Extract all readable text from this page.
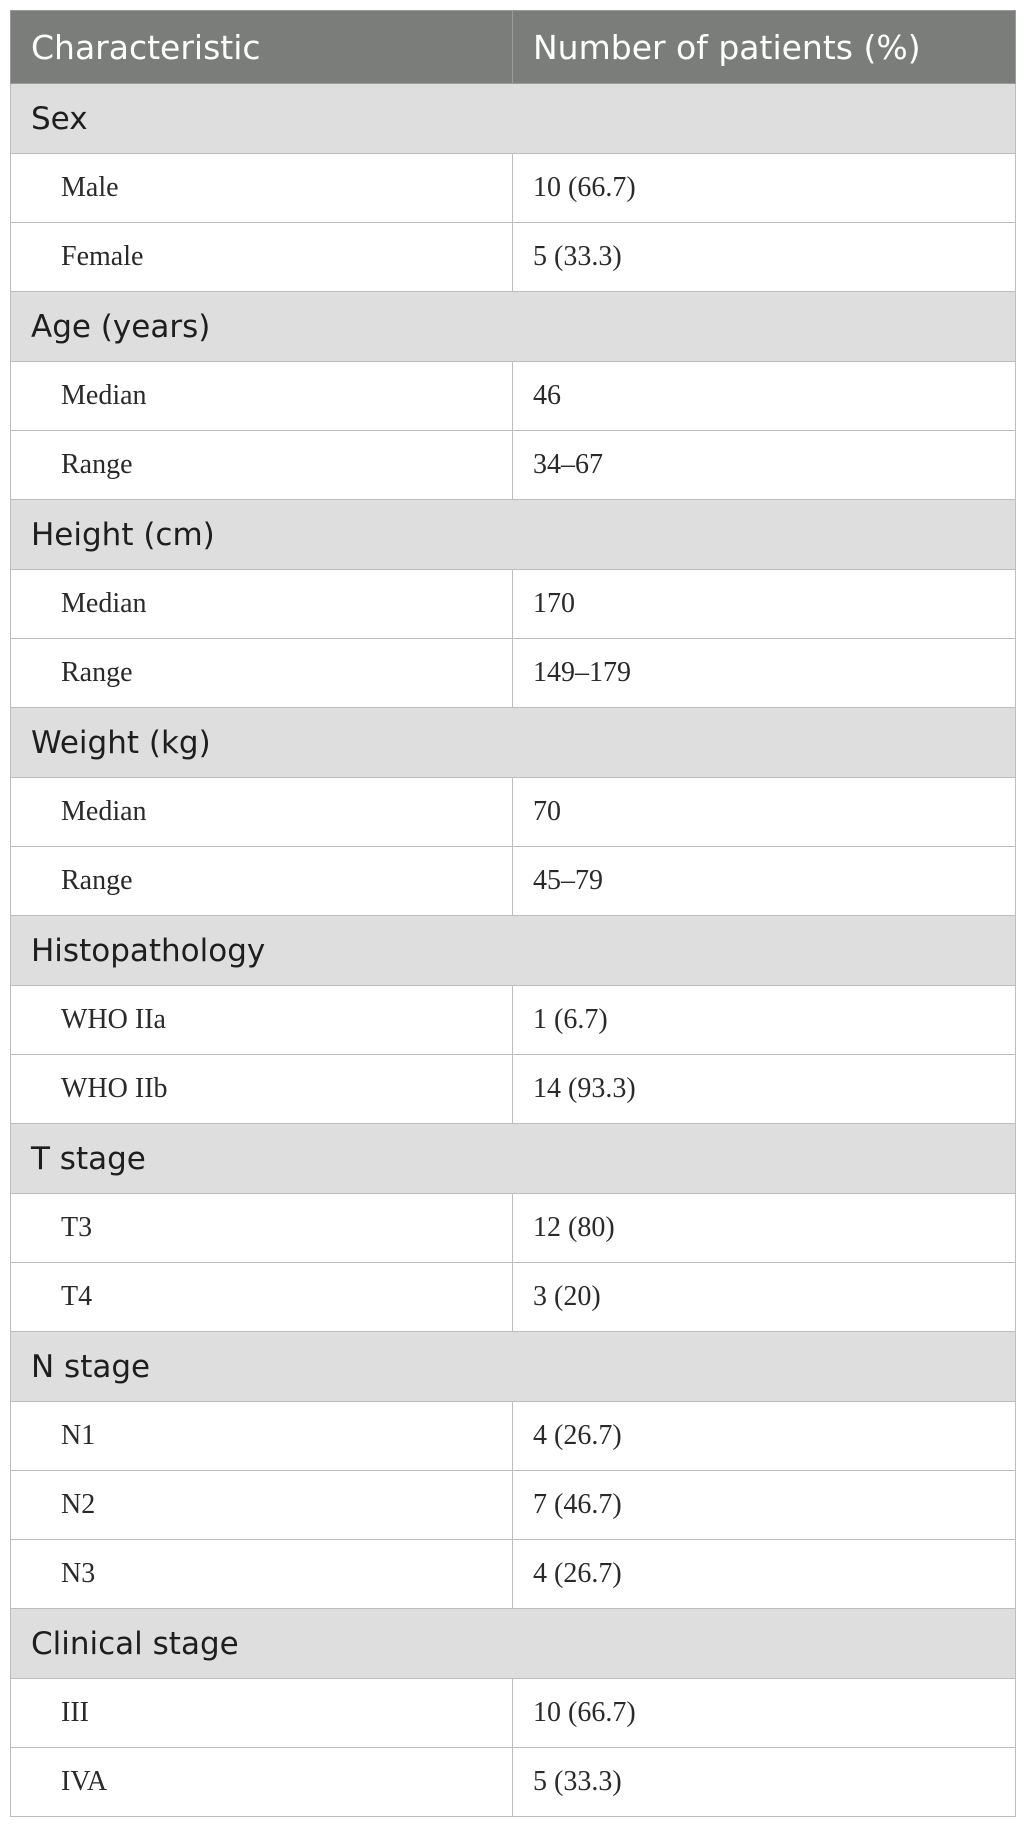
Characteristic	Number of patients (%)
Sex	
Male	10 (66.7)
Female	5 (33.3)
Age (years)	
Median	46
Range	34–67
Height (cm)	
Median	170
Range	149–179
Weight (kg)	
Median	70
Range	45–79
Histopathology	
WHO IIa	1 (6.7)
WHO IIb	14 (93.3)
T stage	
T3	12 (80)
T4	3 (20)
N stage	
N1	4 (26.7)
N2	7 (46.7)
N3	4 (26.7)
Clinical stage	
III	10 (66.7)
IVA	5 (33.3)
